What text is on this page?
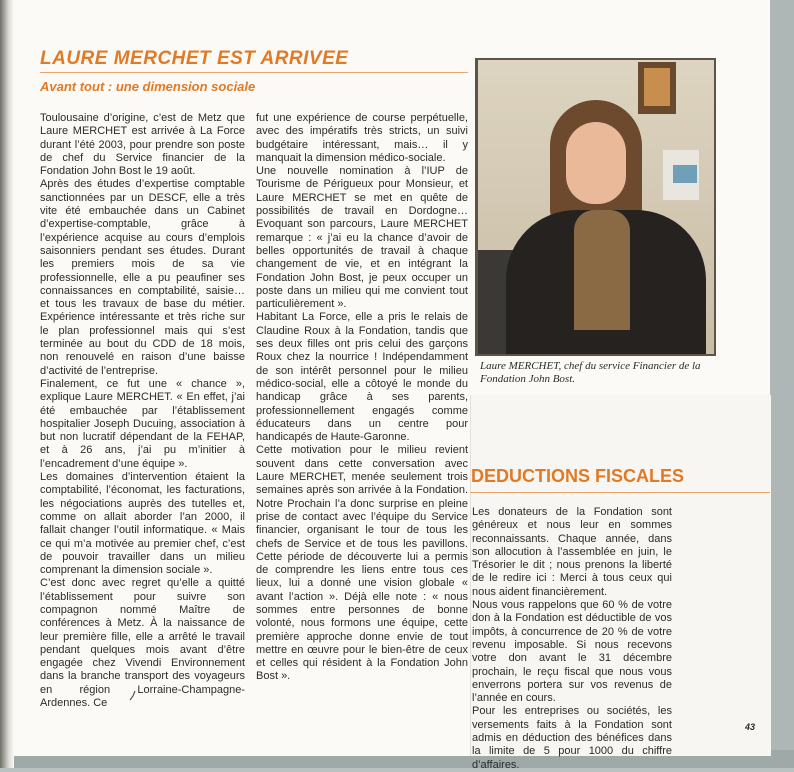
LAURE MERCHET EST ARRIVEE
Avant tout : une dimension sociale

Toulousaine d’origine, c’est de Metz que Laure MERCHET est arrivée à La Force durant l’été 2003, pour prendre son poste de chef du Service financier de la Fondation John Bost le 19 août.

Après des études d’expertise comptable sanctionnées par un DESCF, elle a très vite été embauchée dans un Cabinet d’expertise-comptable, grâce à l’expérience acquise au cours d’emplois saisonniers pendant ses études. Durant les premiers mois de sa vie professionnelle, elle a pu peaufiner ses connaissances en comptabilité, saisie… et tous les travaux de base du métier. Expérience intéressante et très riche sur le plan professionnel mais qui s’est terminée au bout du CDD de 18 mois, non renouvelé en raison d’une baisse d’activité de l’entreprise.

Finalement, ce fut une « chance », explique Laure MERCHET. « En effet, j’ai été embauchée par l’établissement hospitalier Joseph Ducuing, association à but non lucratif dépendant de la FEHAP, et à 26 ans, j’ai pu m’initier à l’encadrement d’une équipe ».

Les domaines d’intervention étaient la comptabilité, l’économat, les facturations, les négociations auprès des tutelles et, comme on allait aborder l’an 2000, il fallait changer l’outil informatique. « Mais ce qui m’a motivée au premier chef, c’est de pouvoir travailler dans un milieu comprenant la dimension sociale ».

C’est donc avec regret qu’elle a quitté l’établissement pour suivre son compagnon nommé Maître de conférences à Metz. À la naissance de leur première fille, elle a arrêté le travail pendant quelques mois avant d’être engagée chez Vivendi Environnement dans la branche transport des voyageurs en région Lorraine-Champagne-Ardennes. Ce

fut une expérience de course perpétuelle, avec des impératifs très stricts, un suivi budgétaire intéressant, mais… il y manquait la dimension médico-sociale.

Une nouvelle nomination à l’IUP de Tourisme de Périgueux pour Monsieur, et Laure MERCHET se met en quête de possibilités de travail en Dordogne… Evoquant son parcours, Laure MERCHET remarque : « j’ai eu la chance d’avoir de belles opportunités de travail à chaque changement de vie, et en intégrant la Fondation John Bost, je peux occuper un poste dans un milieu qui me convient tout particulièrement ».

Habitant La Force, elle a pris le relais de Claudine Roux à la Fondation, tandis que ses deux filles ont pris celui des garçons Roux chez la nourrice ! Indépendamment de son intérêt personnel pour le milieu médico-social, elle a côtoyé le monde du handicap grâce à ses parents, professionnellement engagés comme éducateurs dans un centre pour handicapés de Haute-Garonne.

Cette motivation pour le milieu revient souvent dans cette conversation avec Laure MERCHET, menée seulement trois semaines après son arrivée à la Fondation. Notre Prochain l’a donc surprise en pleine prise de contact avec l’équipe du Service financier, organisant le tour de tous les chefs de Service et de tous les pavillons. Cette période de découverte lui a permis de comprendre les liens entre tous ces lieux, lui a donné une vision globale « avant l’action ». Déjà elle note : « nous sommes entre personnes de bonne volonté, nous formons une équipe, cette première approche donne envie de tout mettre en œuvre pour le bien-être de ceux et celles qui résident à la Fondation John Bost ».

Laure MERCHET, chef du service Financier de la Fondation John Bost.
DEDUCTIONS FISCALES

Les donateurs de la Fondation sont généreux et nous leur en sommes reconnaissants. Chaque année, dans son allocution à l’assemblée en juin, le Trésorier le dit ; nous prenons la liberté de le redire ici : Merci à tous ceux qui nous aident financièrement.

Nous vous rappelons que 60 % de votre don à la Fondation est déductible de vos impôts, à concurrence de 20 % de votre revenu imposable. Si nous recevons votre don avant le 31 décembre prochain, le reçu fiscal que nous vous enverrons portera sur vos revenus de l’année en cours.

Pour les entreprises ou sociétés, les versements faits à la Fondation sont admis en déduction des bénéfices dans la limite de 5 pour 1000 du chiffre d’affaires.

43
